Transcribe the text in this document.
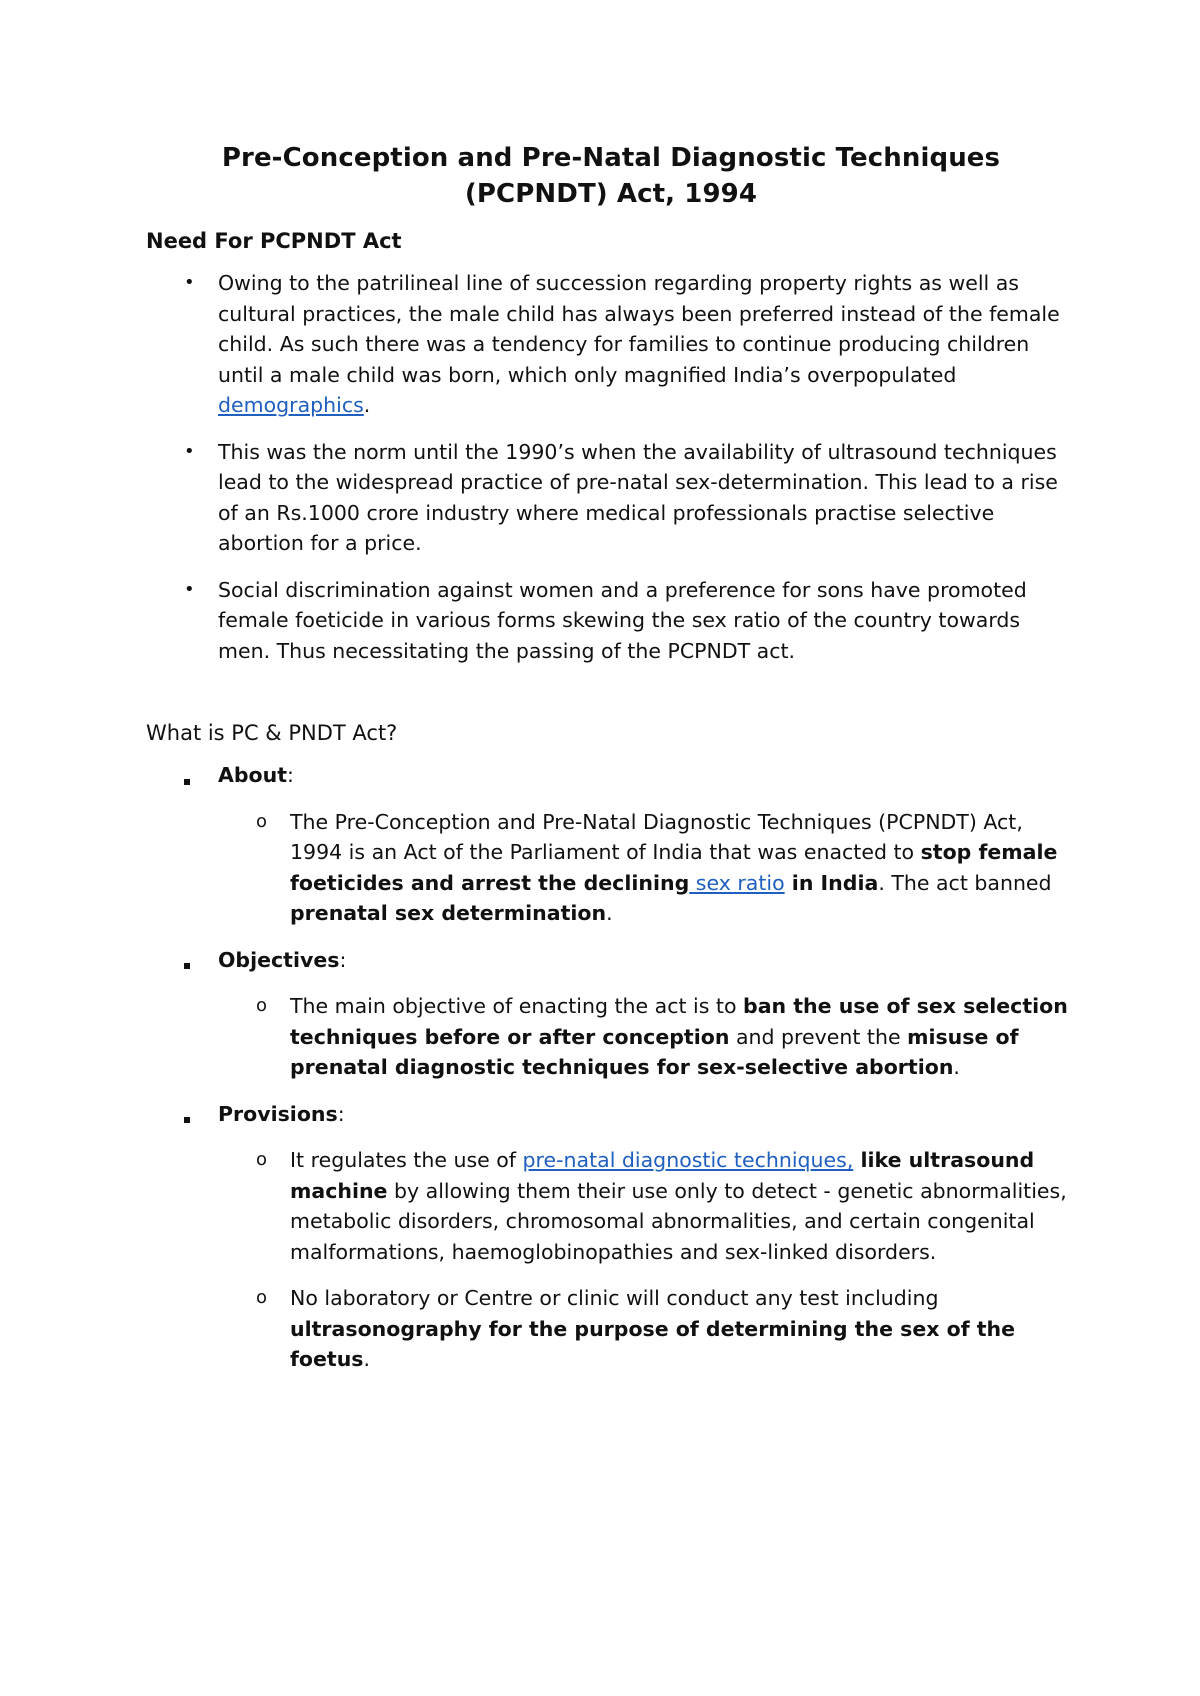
Pre-Conception and Pre-Natal Diagnostic Techniques (PCPNDT) Act, 1994
Need For PCPNDT Act
• Owing to the patrilineal line of succession regarding property rights as well as cultural practices, the male child has always been preferred instead of the female child. As such there was a tendency for families to continue producing children until a male child was born, which only magnified India’s overpopulated demographics.
• This was the norm until the 1990’s when the availability of ultrasound techniques lead to the widespread practice of pre-natal sex-determination. This lead to a rise of an Rs.1000 crore industry where medical professionals practise selective abortion for a price.
• Social discrimination against women and a preference for sons have promoted female foeticide in various forms skewing the sex ratio of the country towards men. Thus necessitating the passing of the PCPNDT act.
What is PC & PNDT Act?
About:
o The Pre-Conception and Pre-Natal Diagnostic Techniques (PCPNDT) Act, 1994 is an Act of the Parliament of India that was enacted to stop female foeticides and arrest the declining sex ratio in India. The act banned prenatal sex determination.
Objectives:
o The main objective of enacting the act is to ban the use of sex selection techniques before or after conception and prevent the misuse of prenatal diagnostic techniques for sex-selective abortion.
Provisions:
o It regulates the use of pre-natal diagnostic techniques, like ultrasound machine by allowing them their use only to detect - genetic abnormalities, metabolic disorders, chromosomal abnormalities, and certain congenital malformations, haemoglobinopathies and sex-linked disorders.
o No laboratory or Centre or clinic will conduct any test including ultrasonography for the purpose of determining the sex of the foetus.
